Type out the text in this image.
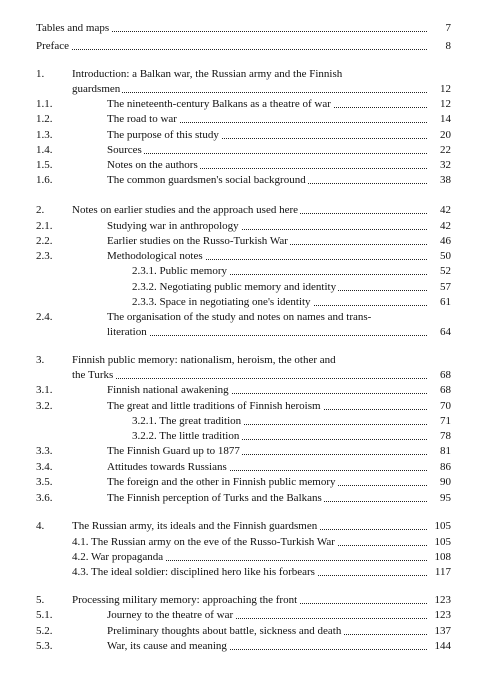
Tables and maps	7
Preface	8
1.	Introduction: a Balkan war, the Russian army and the Finnish
guardsmen	12
1.1.	The nineteenth-century Balkans as a theatre of war	12
1.2.	The road to war	14
1.3.	The purpose of this study	20
1.4.	Sources	22
1.5.	Notes on the authors	32
1.6.	The common guardsmen's social background	38
2.	Notes on earlier studies and the approach used here	42
2.1.	Studying war in anthropology	42
2.2.	Earlier studies on the Russo-Turkish War	46
2.3.	Methodological notes	50
2.3.1. Public memory	52
2.3.2. Negotiating public memory and identity	57
2.3.3. Space in negotiating one's identity	61
2.4.	The organisation of the study and notes on names and trans-
literation	64
3.	Finnish public memory: nationalism, heroism, the other and
the Turks	68
3.1.	Finnish national awakening	68
3.2.	The great and little traditions of Finnish heroism	70
3.2.1. The great tradition	71
3.2.2. The little tradition	78
3.3.	The Finnish Guard up to 1877	81
3.4.	Attitudes towards Russians	86
3.5.	The foreign and the other in Finnish public memory	90
3.6.	The Finnish perception of Turks and the Balkans	95
4.	The Russian army, its ideals and the Finnish guardsmen	105
4.1. The Russian army on the eve of the Russo-Turkish War	105
4.2. War propaganda	108
4.3. The ideal soldier: disciplined hero like his forbears	117
5.	Processing military memory: approaching the front	123
5.1.	Journey to the theatre of war	123
5.2.	Preliminary thoughts about battle, sickness and death	137
5.3.	War, its cause and meaning	144
